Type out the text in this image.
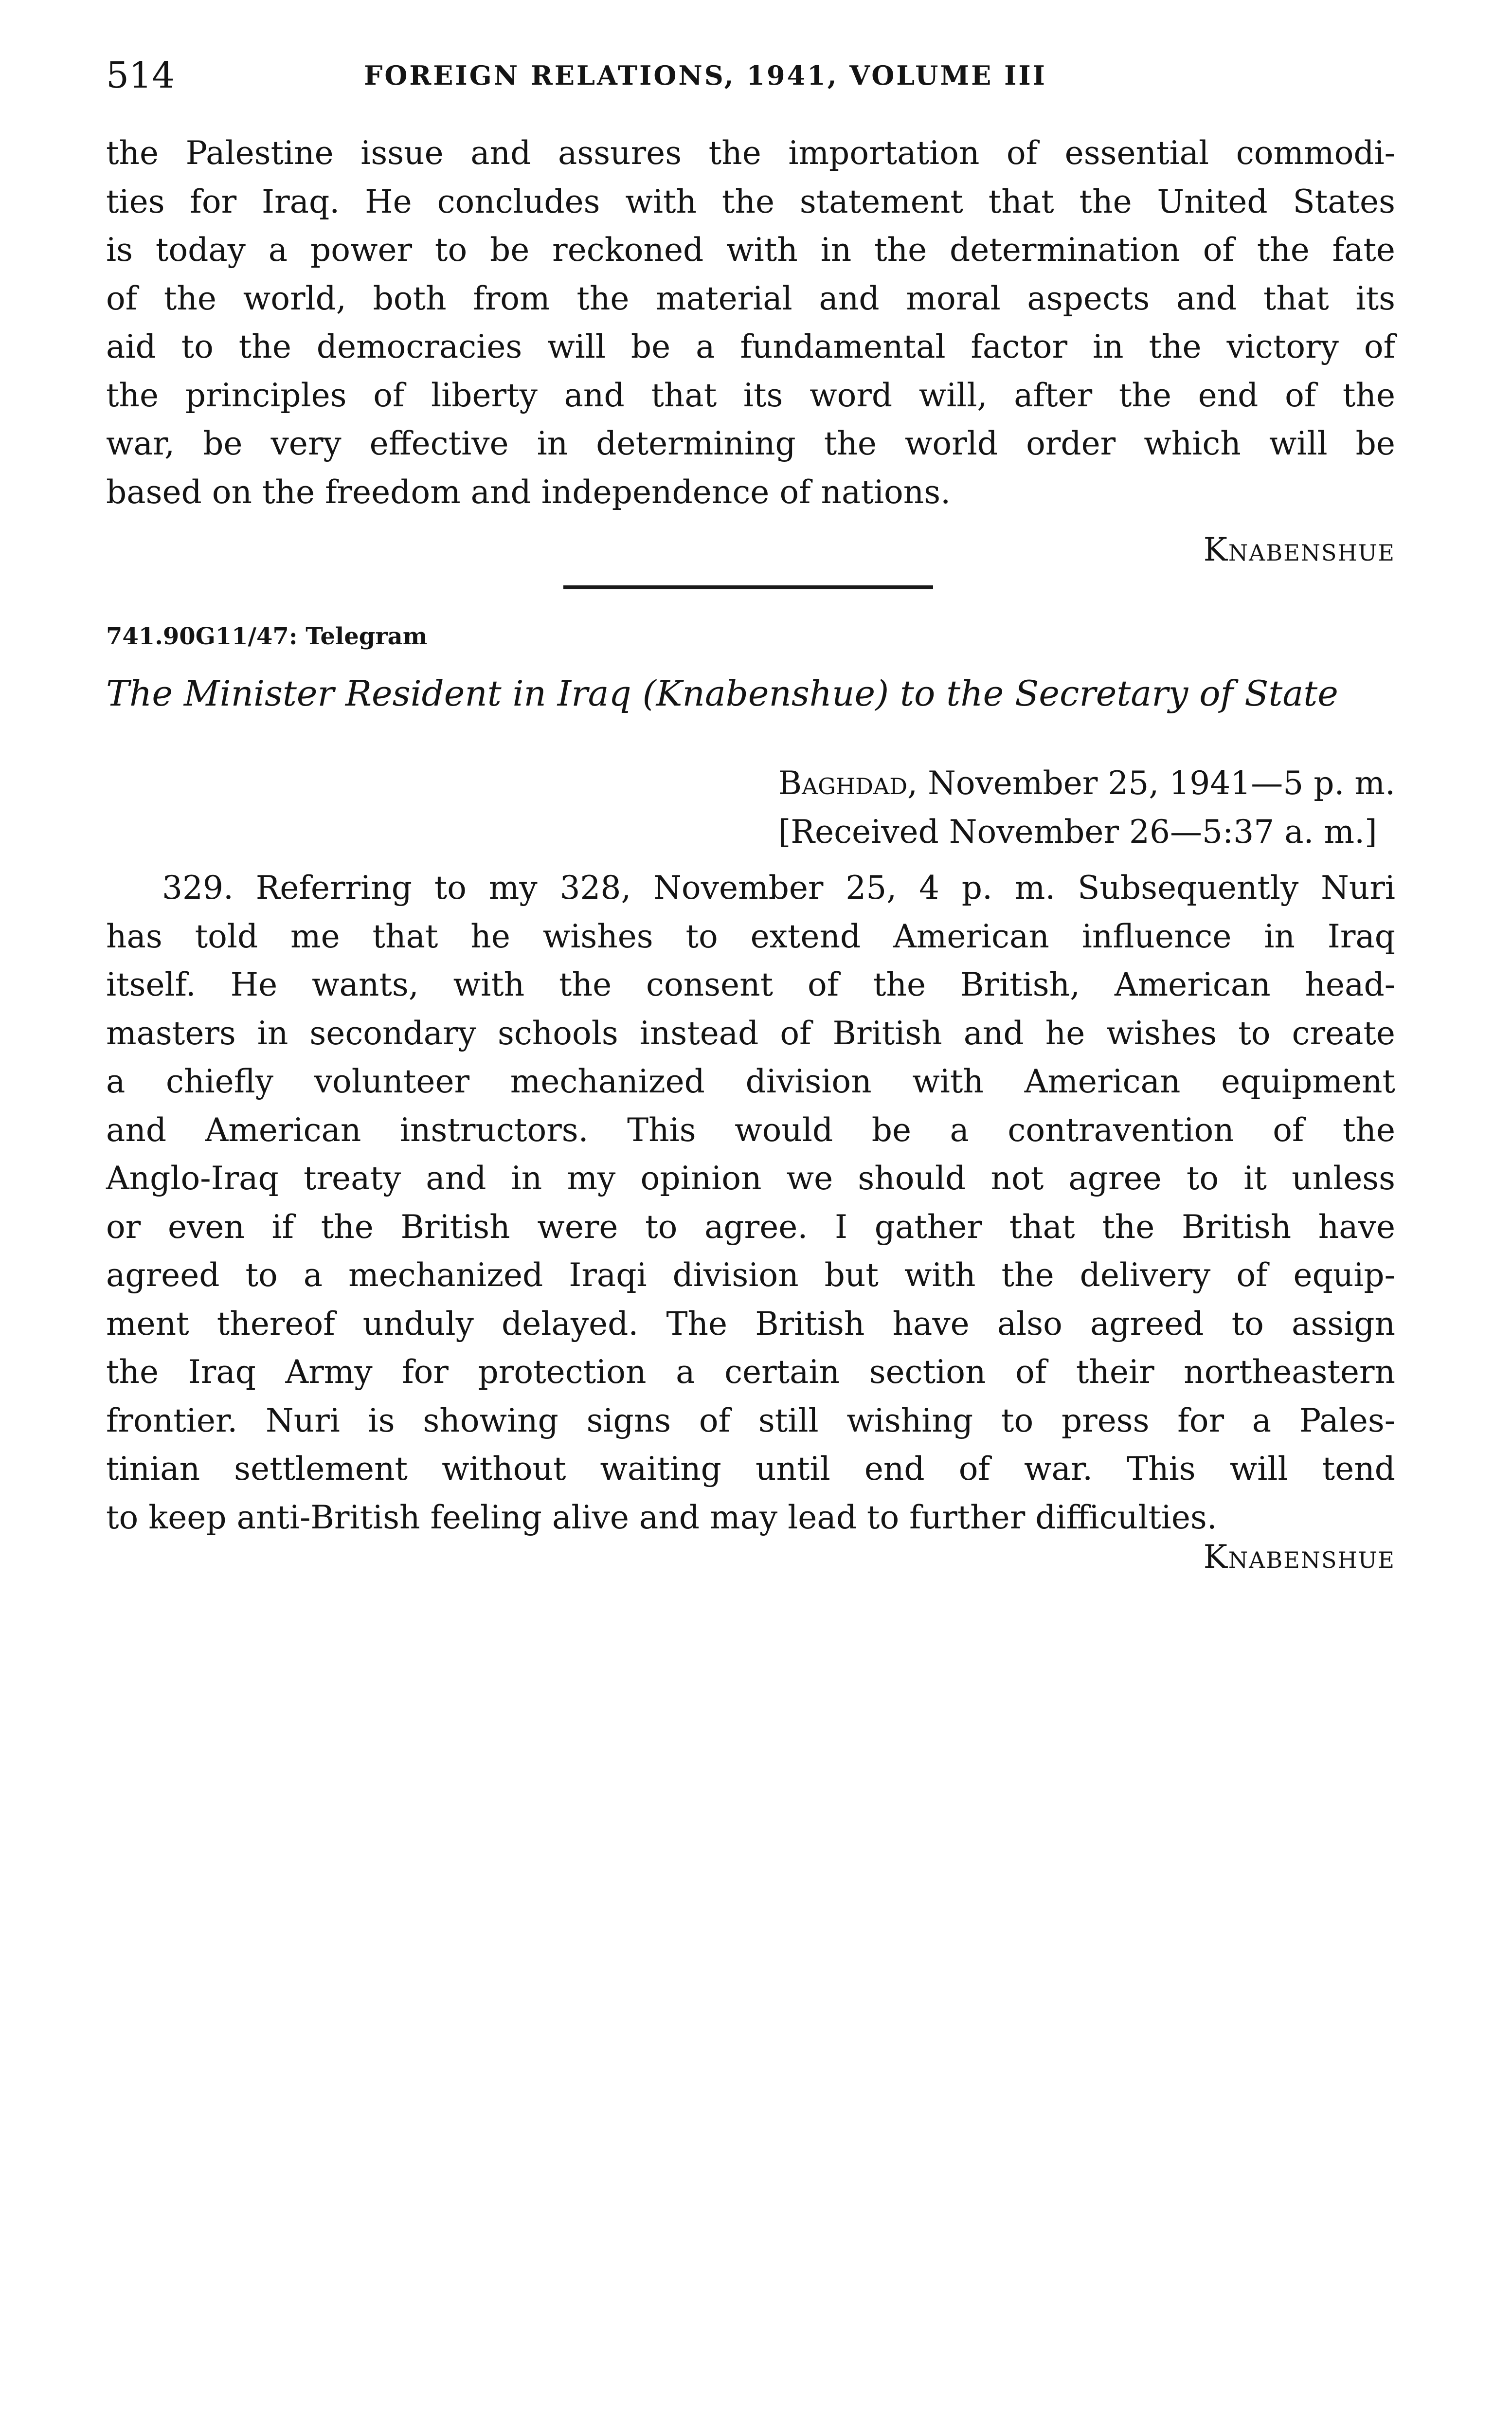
514	FOREIGN RELATIONS, 1941, VOLUME III
the Palestine issue and assures the importation of essential commodi-
ties for Iraq. He concludes with the statement that the United States
is today a power to be reckoned with in the determination of the fate
of the world, both from the material and moral aspects and that its
aid to the democracies will be a fundamental factor in the victory of
the principles of liberty and that its word will, after the end of the
war, be very effective in determining the world order which will be
based on the freedom and independence of nations.
Knabenshue
741.90G11/47: Telegram
The Minister Resident in Iraq (Knabenshue) to the Secretary of State
Baghdad, November 25, 1941—5 p. m.
[Received November 26—5:37 a. m.]
329. Referring to my 328, November 25, 4 p. m. Subsequently Nuri
has told me that he wishes to extend American influence in Iraq
itself. He wants, with the consent of the British, American head-
masters in secondary schools instead of British and he wishes to create
a chiefly volunteer mechanized division with American equipment
and American instructors. This would be a contravention of the
Anglo-Iraq treaty and in my opinion we should not agree to it unless
or even if the British were to agree. I gather that the British have
agreed to a mechanized Iraqi division but with the delivery of equip-
ment thereof unduly delayed. The British have also agreed to assign
the Iraq Army for protection a certain section of their northeastern
frontier. Nuri is showing signs of still wishing to press for a Pales-
tinian settlement without waiting until end of war. This will tend
to keep anti-British feeling alive and may lead to further difficulties.
Knabenshue
